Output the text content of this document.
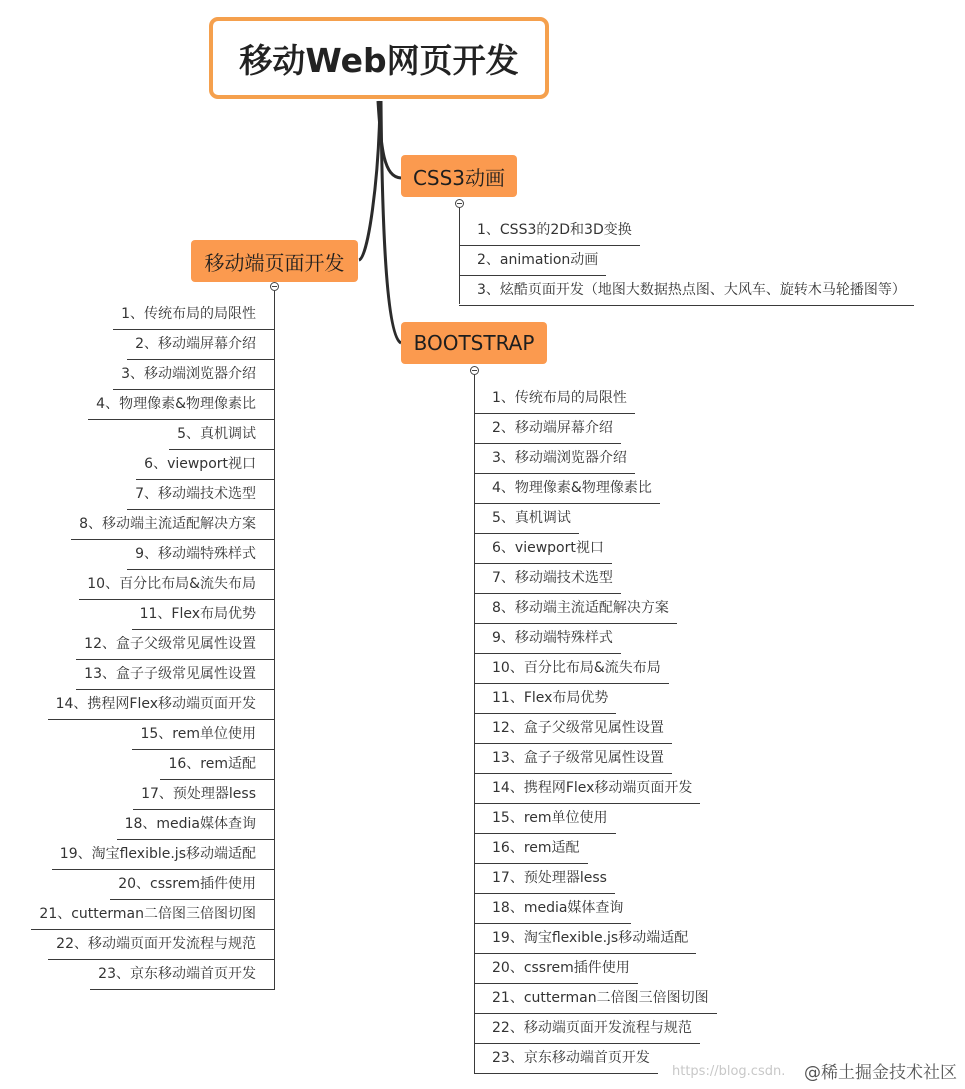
移动Web网页开发
CSS3动画
1、CSS3的2D和3D变换
2、animation动画
3、炫酷页面开发（地图大数据热点图、大风车、旋转木马轮播图等）
移动端页面开发
1、传统布局的局限性
2、移动端屏幕介绍
3、移动端浏览器介绍
4、物理像素&物理像素比
5、真机调试
6、viewport视口
7、移动端技术选型
8、移动端主流适配解决方案
9、移动端特殊样式
10、百分比布局&流失布局
11、Flex布局优势
12、盒子父级常见属性设置
13、盒子子级常见属性设置
14、携程网Flex移动端页面开发
15、rem单位使用
16、rem适配
17、预处理器less
18、media媒体查询
19、淘宝flexible.js移动端适配
20、cssrem插件使用
21、cutterman二倍图三倍图切图
22、移动端页面开发流程与规范
23、京东移动端首页开发
BOOTSTRAP
1、传统布局的局限性
2、移动端屏幕介绍
3、移动端浏览器介绍
4、物理像素&物理像素比
5、真机调试
6、viewport视口
7、移动端技术选型
8、移动端主流适配解决方案
9、移动端特殊样式
10、百分比布局&流失布局
11、Flex布局优势
12、盒子父级常见属性设置
13、盒子子级常见属性设置
14、携程网Flex移动端页面开发
15、rem单位使用
16、rem适配
17、预处理器less
18、media媒体查询
19、淘宝flexible.js移动端适配
20、cssrem插件使用
21、cutterman二倍图三倍图切图
22、移动端页面开发流程与规范
23、京东移动端首页开发
https://blog.csdn. @稀土掘金技术社区
